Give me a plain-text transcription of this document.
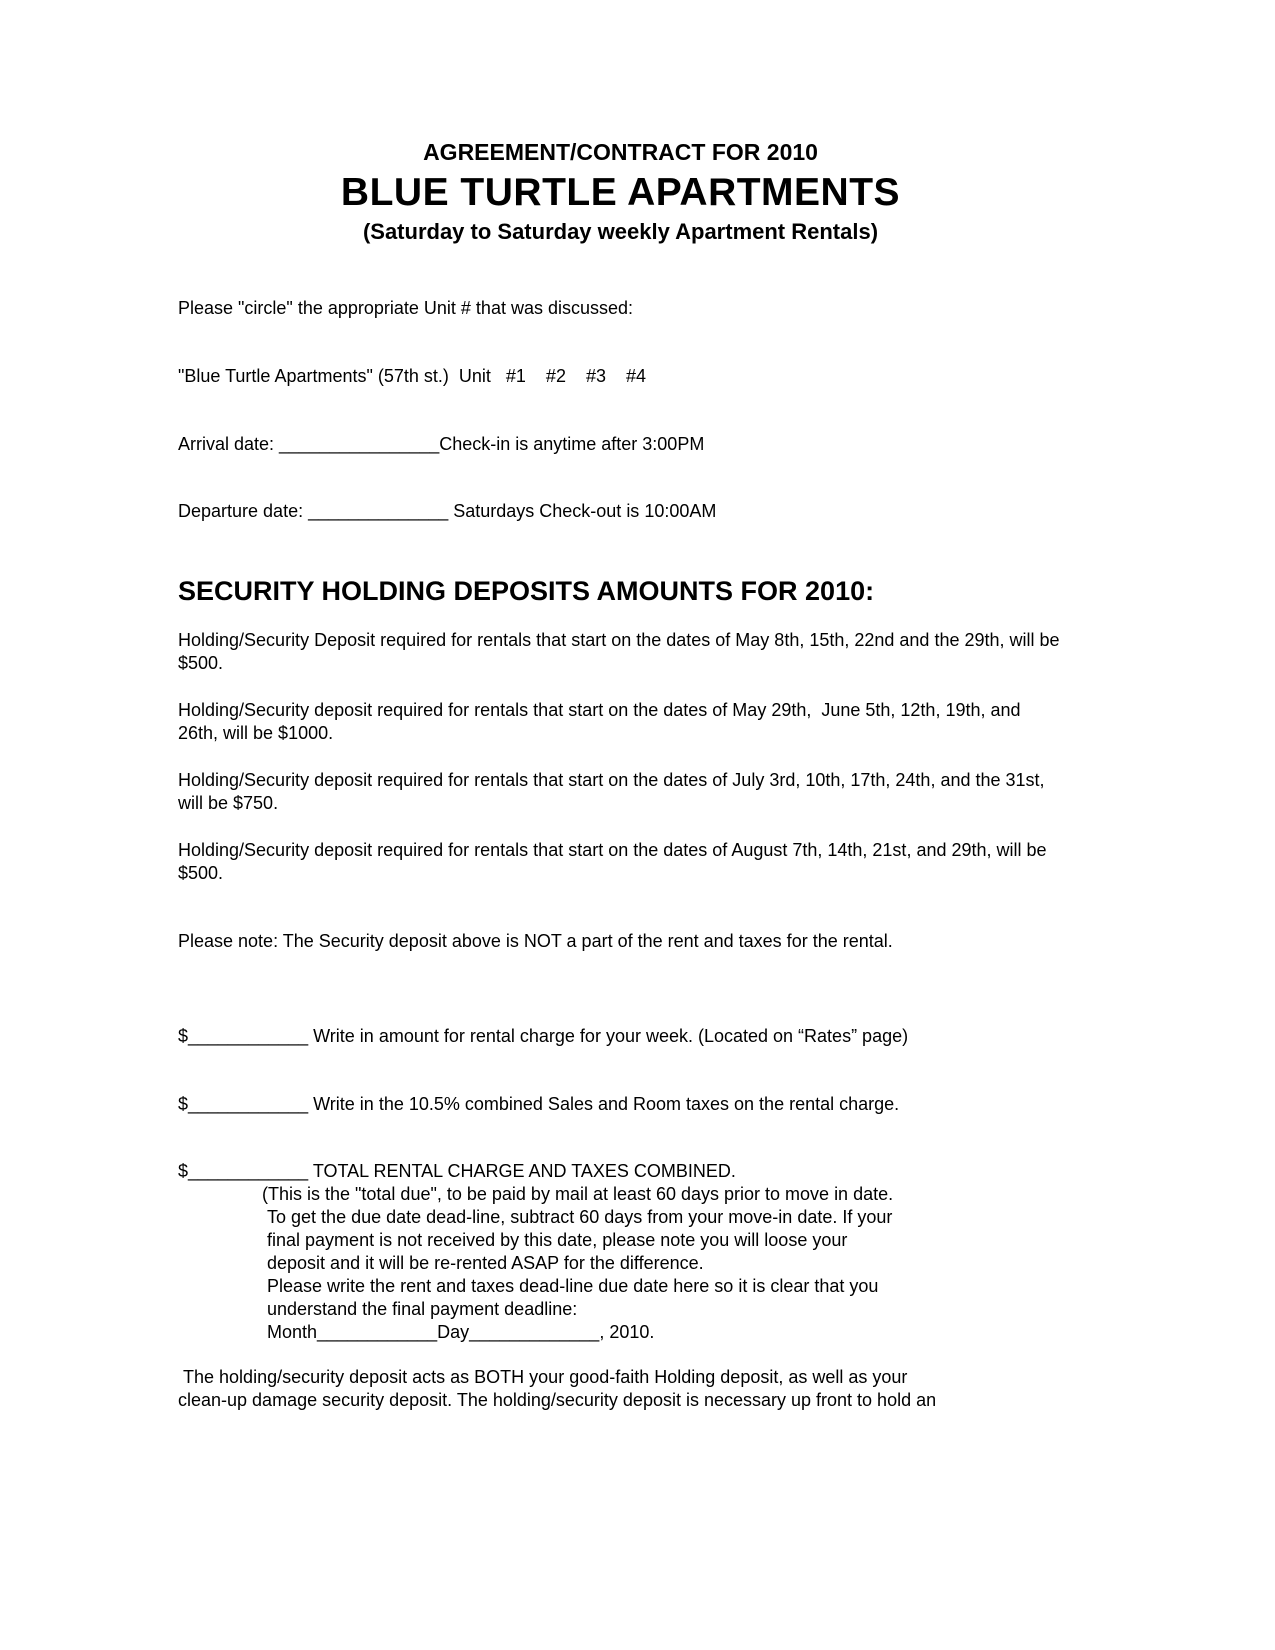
AGREEMENT/CONTRACT FOR 2010
BLUE TURTLE APARTMENTS
(Saturday to Saturday weekly Apartment Rentals)

Please "circle" the appropriate Unit # that was discussed:

"Blue Turtle Apartments" (57th st.)  Unit   #1    #2    #3    #4

Arrival date: ________________Check-in is anytime after 3:00PM

Departure date: ______________ Saturdays Check-out is 10:00AM

SECURITY HOLDING DEPOSITS AMOUNTS FOR 2010:

Holding/Security Deposit required for rentals that start on the dates of May 8th, 15th, 22nd and the 29th, will be $500.

Holding/Security deposit required for rentals that start on the dates of May 29th,  June 5th, 12th, 19th, and 26th, will be $1000.

Holding/Security deposit required for rentals that start on the dates of July 3rd, 10th, 17th, 24th, and the 31st, will be $750.

Holding/Security deposit required for rentals that start on the dates of August 7th, 14th, 21st, and 29th, will be $500.

Please note: The Security deposit above is NOT a part of the rent and taxes for the rental.

$____________ Write in amount for rental charge for your week. (Located on “Rates” page)

$____________ Write in the 10.5% combined Sales and Room taxes on the rental charge.

$____________ TOTAL RENTAL CHARGE AND TAXES COMBINED.

(This is the "total due", to be paid by mail at least 60 days prior to move in date.
To get the due date dead-line, subtract 60 days from your move-in date. If your
final payment is not received by this date, please note you will loose your
deposit and it will be re-rented ASAP for the difference.
Please write the rent and taxes dead-line due date here so it is clear that you
understand the final payment deadline:
Month____________Day_____________, 2010.
The holding/security deposit acts as BOTH your good-faith Holding deposit, as well as your
clean-up damage security deposit. The holding/security deposit is necessary up front to hold an
